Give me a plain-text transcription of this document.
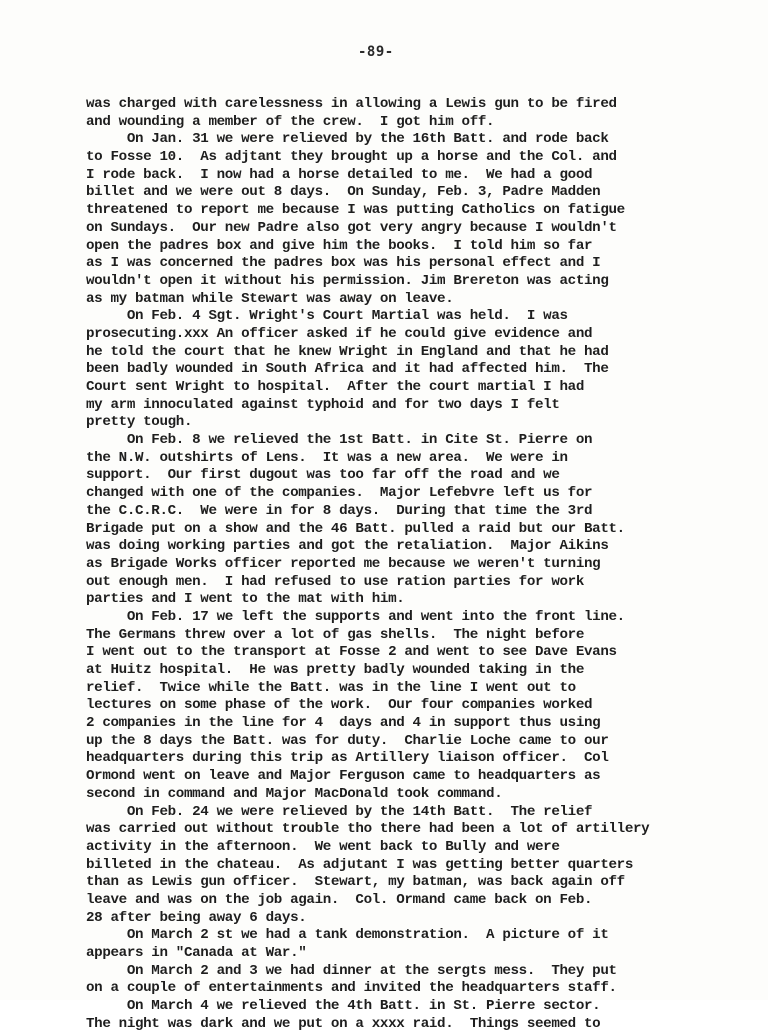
-89-
was charged with carelessness in allowing a Lewis gun to be fired
and wounding a member of the crew.  I got him off.
On Jan. 31 we were relieved by the 16th Batt. and rode back
to Fosse 10.  As adjtant they brought up a horse and the Col. and
I rode back.  I now had a horse detailed to me.  We had a good
billet and we were out 8 days.  On Sunday, Feb. 3, Padre Madden
threatened to report me because I was putting Catholics on fatigue
on Sundays.  Our new Padre also got very angry because I wouldn't
open the padres box and give him the books.  I told him so far
as I was concerned the padres box was his personal effect and I
wouldn't open it without his permission. Jim Brereton was acting
as my batman while Stewart was away on leave.
On Feb. 4 Sgt. Wright's Court Martial was held.  I was
prosecuting.xxx An officer asked if he could give evidence and
he told the court that he knew Wright in England and that he had
been badly wounded in South Africa and it had affected him.  The
Court sent Wright to hospital.  After the court martial I had
my arm innoculated against typhoid and for two days I felt
pretty tough.
On Feb. 8 we relieved the 1st Batt. in Cite St. Pierre on
the N.W. outshirts of Lens.  It was a new area.  We were in
support.  Our first dugout was too far off the road and we
changed with one of the companies.  Major Lefebvre left us for
the C.C.R.C.  We were in for 8 days.  During that time the 3rd
Brigade put on a show and the 46 Batt. pulled a raid but our Batt.
was doing working parties and got the retaliation.  Major Aikins
as Brigade Works officer reported me because we weren't turning
out enough men.  I had refused to use ration parties for work
parties and I went to the mat with him.
On Feb. 17 we left the supports and went into the front line.
The Germans threw over a lot of gas shells.  The night before
I went out to the transport at Fosse 2 and went to see Dave Evans
at Huitz hospital.  He was pretty badly wounded taking in the
relief.  Twice while the Batt. was in the line I went out to
lectures on some phase of the work.  Our four companies worked
2 companies in the line for 4  days and 4 in support thus using
up the 8 days the Batt. was for duty.  Charlie Loche came to our
headquarters during this trip as Artillery liaison officer.  Col
Ormond went on leave and Major Ferguson came to headquarters as
second in command and Major MacDonald took command.
On Feb. 24 we were relieved by the 14th Batt.  The relief
was carried out without trouble tho there had been a lot of artillery
activity in the afternoon.  We went back to Bully and were
billeted in the chateau.  As adjutant I was getting better quarters
than as Lewis gun officer.  Stewart, my batman, was back again off
leave and was on the job again.  Col. Ormand came back on Feb.
28 after being away 6 days.
On March 2 st we had a tank demonstration.  A picture of it
appears in "Canada at War."
On March 2 and 3 we had dinner at the sergts mess.  They put
on a couple of entertainments and invited the headquarters staff.
On March 4 we relieved the 4th Batt. in St. Pierre sector.
The night was dark and we put on a xxxx raid.  Things seemed to
